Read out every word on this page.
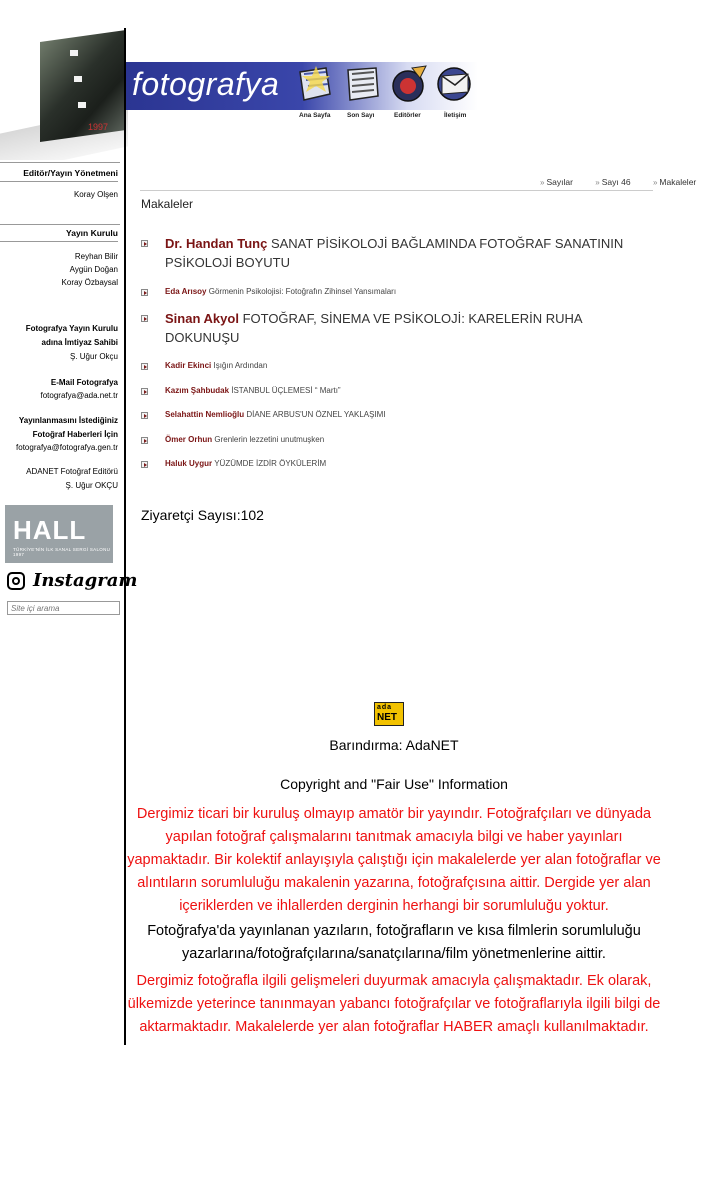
1997
fotografya
Ana Sayfa	Son Sayı	Editörler	İletişim
Editör/Yayın Yönetmeni
Koray Olşen
Yayın Kurulu
Reyhan Bilir
Aygün Doğan
Koray Özbaysal
Fotografya Yayın Kurulu
adına İmtiyaz Sahibi
Ş. Uğur Okçu
E-Mail Fotografya
fotografya@ada.net.tr
Yayınlanmasını İstediğiniz
Fotoğraf Haberleri İçin
fotografya@fotografya.gen.tr
ADANET Fotoğraf Editörü
Ş. Uğur OKÇU
HALL
TÜRKİYE'NİN İLK SANAL SERGİ SALONU 1997
Instagram
Site içi arama
» Sayılar	» Sayı 46	» Makaleler
Makaleler
Dr. Handan Tunç SANAT PİSİKOLOJİ BAĞLAMINDA FOTOĞRAF SANATININ PSİKOLOJİ BOYUTU
Eda Arısoy Görmenin Psikolojisi: Fotoğrafın Zihinsel Yansımaları
Sinan Akyol FOTOĞRAF, SİNEMA VE PSİKOLOJİ: KARELERİN RUHA DOKUNUŞU
Kadir Ekinci Işığın Ardından
Kazım Şahbudak İSTANBUL ÜÇLEMESİ “ Martı”
Selahattin Nemlioğlu DİANE ARBUS'UN ÖZNEL YAKLAŞIMI
Ömer Orhun Grenlerin lezzetini unutmuşken
Haluk Uygur YÜZÜMDE İZDİR ÖYKÜLERİM
Ziyaretçi Sayısı:102
ada
NET
Barındırma: AdaNET
Copyright and "Fair Use" Information
Dergimiz ticari bir kuruluş olmayıp amatör bir yayındır. Fotoğrafçıları ve dünyada yapılan fotoğraf çalışmalarını tanıtmak amacıyla bilgi ve haber yayınları yapmaktadır. Bir kolektif anlayışıyla çalıştığı için makalelerde yer alan fotoğraflar ve alıntıların sorumluluğu makalenin yazarına, fotoğrafçısına aittir. Dergide yer alan içeriklerden ve ihlallerden derginin herhangi bir sorumluluğu yoktur.
Fotoğrafya'da yayınlanan yazıların, fotoğrafların ve kısa filmlerin sorumluluğu yazarlarına/fotoğrafçılarına/sanatçılarına/film yönetmenlerine aittir.
Dergimiz fotoğrafla ilgili gelişmeleri duyurmak amacıyla çalışmaktadır. Ek olarak, ülkemizde yeterince tanınmayan yabancı fotoğrafçılar ve fotoğraflarıyla ilgili bilgi de aktarmaktadır. Makalelerde yer alan fotoğraflar HABER amaçlı kullanılmaktadır.
